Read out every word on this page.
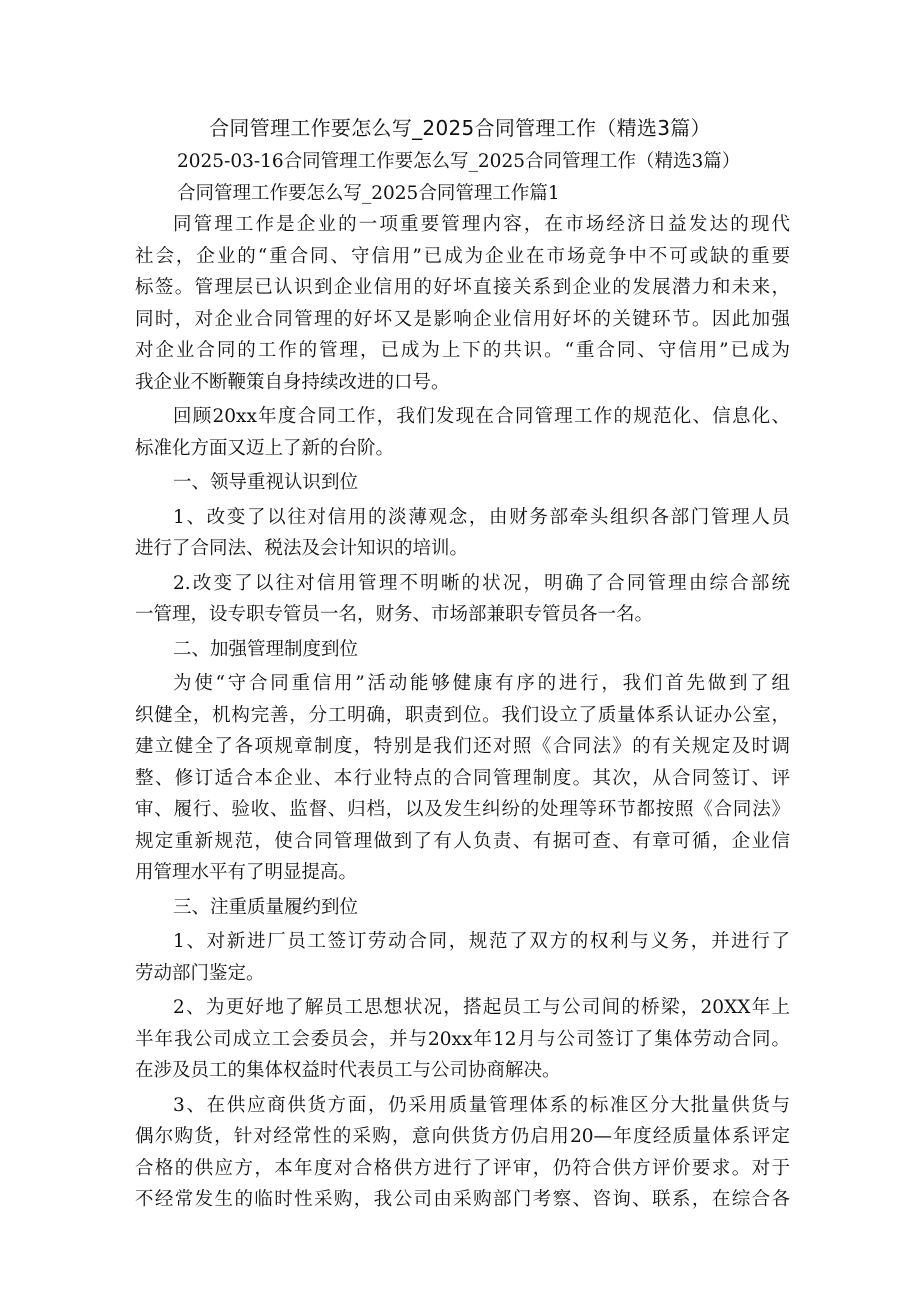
合同管理工作要怎么写_2025合同管理工作（精选3篇）
2025-03-16合同管理工作要怎么写_2025合同管理工作（精选3篇）
合同管理工作要怎么写_2025合同管理工作篇1
同管理工作是企业的一项重要管理内容，在市场经济日益发达的现代
社会，企业的“重合同、守信用”已成为企业在市场竞争中不可或缺的重要
标签。管理层已认识到企业信用的好坏直接关系到企业的发展潜力和未来，
同时，对企业合同管理的好坏又是影响企业信用好坏的关键环节。因此加强
对企业合同的工作的管理，已成为上下的共识。“重合同、守信用”已成为
我企业不断鞭策自身持续改进的口号。
回顾20xx年度合同工作，我们发现在合同管理工作的规范化、信息化、
标准化方面又迈上了新的台阶。
一、领导重视认识到位
1、改变了以往对信用的淡薄观念，由财务部牵头组织各部门管理人员
进行了合同法、税法及会计知识的培训。
2.改变了以往对信用管理不明晰的状况，明确了合同管理由综合部统
一管理，设专职专管员一名，财务、市场部兼职专管员各一名。
二、加强管理制度到位
为使“守合同重信用”活动能够健康有序的进行，我们首先做到了组
织健全，机构完善，分工明确，职责到位。我们设立了质量体系认证办公室，
建立健全了各项规章制度，特别是我们还对照《合同法》的有关规定及时调
整、修订适合本企业、本行业特点的合同管理制度。其次，从合同签订、评
审、履行、验收、监督、归档，以及发生纠纷的处理等环节都按照《合同法》
规定重新规范，使合同管理做到了有人负责、有据可查、有章可循，企业信
用管理水平有了明显提高。
三、注重质量履约到位
1、对新进厂员工签订劳动合同，规范了双方的权利与义务，并进行了
劳动部门鉴定。
2、为更好地了解员工思想状况，搭起员工与公司间的桥梁，20XX年上
半年我公司成立工会委员会，并与20xx年12月与公司签订了集体劳动合同。
在涉及员工的集体权益时代表员工与公司协商解决。
3、在供应商供货方面，仍采用质量管理体系的标准区分大批量供货与
偶尔购货，针对经常性的采购，意向供货方仍启用20—年度经质量体系评定
合格的供应方，本年度对合格供方进行了评审，仍符合供方评价要求。对于
不经常发生的临时性采购，我公司由采购部门考察、咨询、联系，在综合各
